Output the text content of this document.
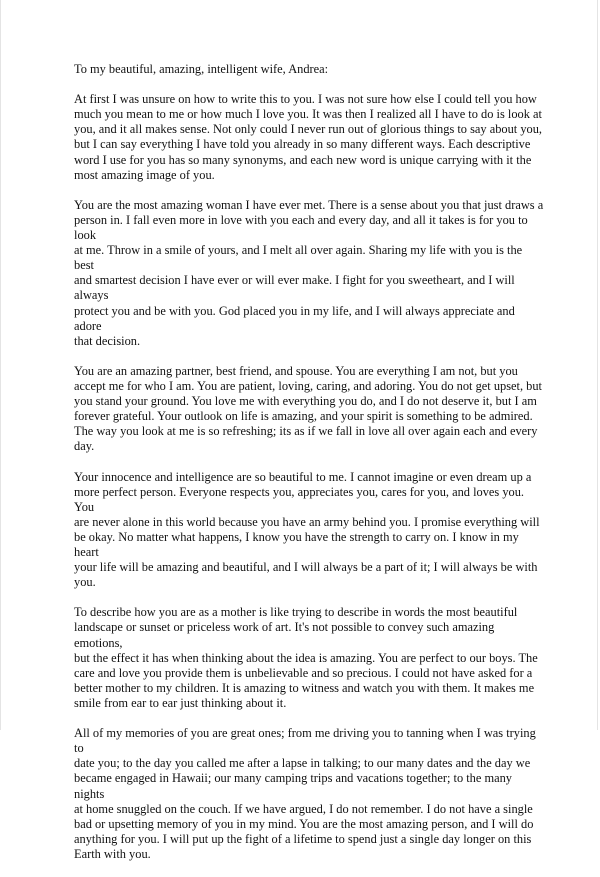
To my beautiful, amazing, intelligent wife, Andrea:

At first I was unsure on how to write this to you. I was not sure how else I could tell you how
much you mean to me or how much I love you. It was then I realized all I have to do is look at
you, and it all makes sense. Not only could I never run out of glorious things to say about you,
but I can say everything I have told you already in so many different ways. Each descriptive
word I use for you has so many synonyms, and each new word is unique carrying with it the
most amazing image of you.

You are the most amazing woman I have ever met. There is a sense about you that just draws a
person in. I fall even more in love with you each and every day, and all it takes is for you to look
at me. Throw in a smile of yours, and I melt all over again. Sharing my life with you is the best
and smartest decision I have ever or will ever make. I fight for you sweetheart, and I will always
protect you and be with you. God placed you in my life, and I will always appreciate and adore
that decision.

You are an amazing partner, best friend, and spouse. You are everything I am not, but you
accept me for who I am. You are patient, loving, caring, and adoring. You do not get upset, but
you stand your ground. You love me with everything you do, and I do not deserve it, but I am
forever grateful. Your outlook on life is amazing, and your spirit is something to be admired.
The way you look at me is so refreshing; its as if we fall in love all over again each and every
day.

Your innocence and intelligence are so beautiful to me. I cannot imagine or even dream up a
more perfect person. Everyone respects you, appreciates you, cares for you, and loves you. You
are never alone in this world because you have an army behind you. I promise everything will
be okay. No matter what happens, I know you have the strength to carry on. I know in my heart
your life will be amazing and beautiful, and I will always be a part of it; I will always be with
you.

To describe how you are as a mother is like trying to describe in words the most beautiful
landscape or sunset or priceless work of art. It's not possible to convey such amazing emotions,
but the effect it has when thinking about the idea is amazing. You are perfect to our boys. The
care and love you provide them is unbelievable and so precious. I could not have asked for a
better mother to my children. It is amazing to witness and watch you with them. It makes me
smile from ear to ear just thinking about it.

All of my memories of you are great ones; from me driving you to tanning when I was trying to
date you; to the day you called me after a lapse in talking; to our many dates and the day we
became engaged in Hawaii; our many camping trips and vacations together; to the many nights
at home snuggled on the couch. If we have argued, I do not remember. I do not have a single
bad or upsetting memory of you in my mind. You are the most amazing person, and I will do
anything for you. I will put up the fight of a lifetime to spend just a single day longer on this
Earth with you.
